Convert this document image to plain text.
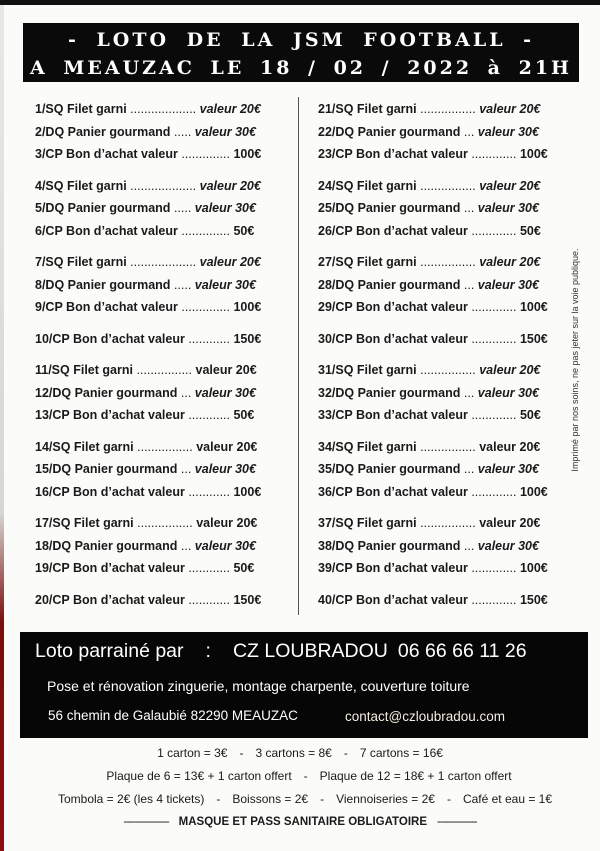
- LOTO DE LA JSM FOOTBALL -
A MEAUZAC LE 18 / 02 / 2022 à 21H
1/SQ Filet garni ................... valeur 20€
2/DQ Panier gourmand ..... valeur 30€
3/CP Bon d’achat valeur .............. 100€
4/SQ Filet garni ................... valeur 20€
5/DQ Panier gourmand ..... valeur 30€
6/CP Bon d’achat valeur .............. 50€
7/SQ Filet garni ................... valeur 20€
8/DQ Panier gourmand ..... valeur 30€
9/CP Bon d’achat valeur .............. 100€
10/CP Bon d’achat valeur ............ 150€
11/SQ Filet garni ................ valeur 20€
12/DQ Panier gourmand ... valeur 30€
13/CP Bon d’achat valeur ............ 50€
14/SQ Filet garni ................ valeur 20€
15/DQ Panier gourmand ... valeur 30€
16/CP Bon d’achat valeur ............ 100€
17/SQ Filet garni ................ valeur 20€
18/DQ Panier gourmand ... valeur 30€
19/CP Bon d’achat valeur ............ 50€
20/CP Bon d’achat valeur ............ 150€
21/SQ Filet garni ................ valeur 20€
22/DQ Panier gourmand ... valeur 30€
23/CP Bon d’achat valeur ............. 100€
24/SQ Filet garni ................ valeur 20€
25/DQ Panier gourmand ... valeur 30€
26/CP Bon d’achat valeur ............. 50€
27/SQ Filet garni ................ valeur 20€
28/DQ Panier gourmand ... valeur 30€
29/CP Bon d’achat valeur ............. 100€
30/CP Bon d’achat valeur ............. 150€
31/SQ Filet garni ................ valeur 20€
32/DQ Panier gourmand ... valeur 30€
33/CP Bon d’achat valeur ............. 50€
34/SQ Filet garni ................ valeur 20€
35/DQ Panier gourmand ... valeur 30€
36/CP Bon d’achat valeur ............. 100€
37/SQ Filet garni ................ valeur 20€
38/DQ Panier gourmand ... valeur 30€
39/CP Bon d’achat valeur ............. 100€
40/CP Bon d’achat valeur ............. 150€
Imprimé par nos soins, ne pas jeter sur la voie publique.
Loto parrainé par : CZ LOUBRADOU 06 66 66 11 26
Pose et rénovation zinguerie, montage charpente, couverture toiture
56 chemin de Galaubié 82290 MEAUZAC	contact@czloubradou.com
1 carton = 3€ - 3 cartons = 8€ - 7 cartons = 16€
Plaque de 6 = 13€ + 1 carton offert - Plaque de 12 = 18€ + 1 carton offert
Tombola = 2€ (les 4 tickets) - Boissons = 2€ - Viennoiseries = 2€ - Café et eau = 1€
---------------- MASQUE ET PASS SANITAIRE OBLIGATOIRE --------------
